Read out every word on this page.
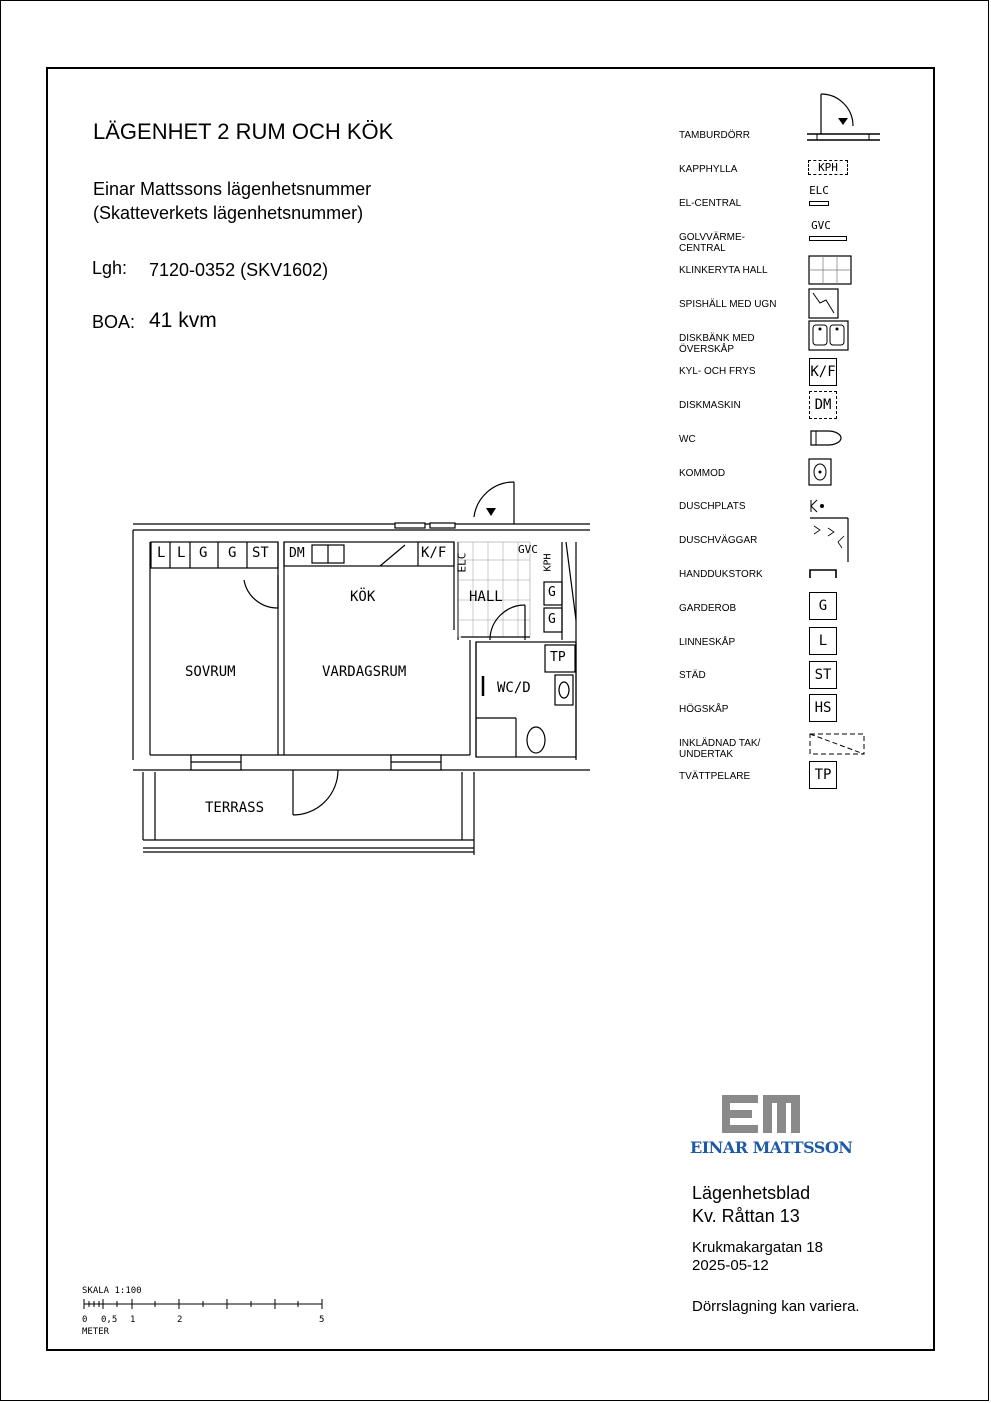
LÄGENHET 2 RUM OCH KÖK
Einar Mattssons lägenhetsnummer
(Skatteverkets lägenhetsnummer)
Lgh: 7120-0352 (SKV1602)
BOA: 41 kvm
TAMBURDÖRR
KAPPHYLLA
EL-CENTRAL
GOLVVÄRME-CENTRAL
KLINKERYTA HALL
SPISHÄLL MED UGN
DISKBÄNK MED ÖVERSKÅP
KYL- OCH FRYS
DISKMASKIN
WC
KOMMOD
DUSCHPLATS
DUSCHVÄGGAR
HANDDUKSTORK
GARDEROB
LINNESKÅP
STÄD
HÖGSKÅP
INKLÄDNAD TAK/ UNDERTAK
TVÄTTPELARE
KPH
ELC
GVC
K/F
DM
G
L
ST
HS
TP
SOVRUM
KÖK
VARDAGSRUM
HALL
WC/D
TERRASS
L L G G ST DM	K/F ELC
GVC
KPH
G
G
TP
EINAR MATTSSON
Lägenhetsblad
Kv. Råttan 13
Krukmakargatan 18
2025-05-12
Dörrslagning kan variera.
SKALA 1:100
0 0,5 1	2	5
METER
